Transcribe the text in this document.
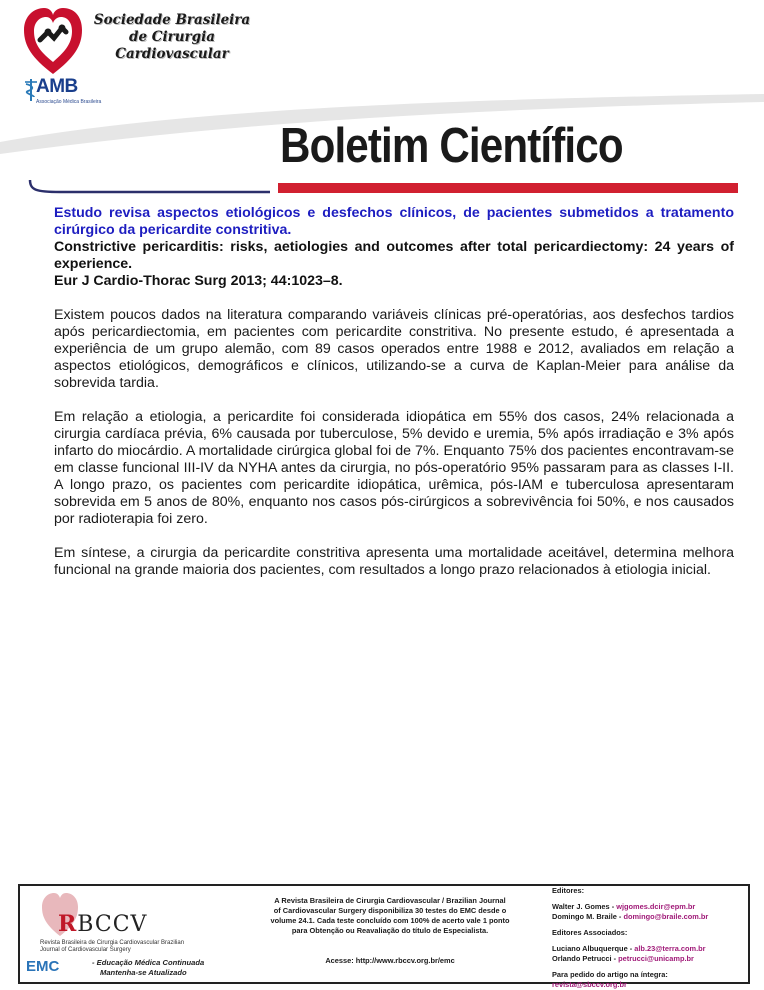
Sociedade Brasileira
de Cirurgia
Cardiovascular
AMB
Associação Médica Brasileira
Boletim Científico

Estudo revisa aspectos etiológicos e desfechos clínicos, de pacientes submetidos a tratamento cirúrgico da pericardite constritiva.

Constrictive pericarditis: risks, aetiologies and outcomes after total pericardiectomy: 24 years of experience.

Eur J Cardio-Thorac Surg 2013; 44:1023–8.

Existem poucos dados na literatura comparando variáveis clínicas pré-operatórias, aos desfechos tardios após pericardiectomia, em pacientes com pericardite constritiva. No presente estudo, é apresentada a experiência de um grupo alemão, com 89 casos operados entre 1988 e 2012, avaliados em relação a aspectos etiológicos, demográficos e clínicos, utilizando-se a curva de Kaplan-Meier para análise da sobrevida tardia.

Em relação a etiologia, a pericardite foi considerada idiopática em 55% dos casos, 24% relacionada a cirurgia cardíaca prévia, 6% causada por tuberculose, 5% devido e uremia, 5% após irradiação e 3% após infarto do miocárdio. A mortalidade cirúrgica global foi de 7%. Enquanto 75% dos pacientes encontravam-se em classe funcional III-IV da NYHA antes da cirurgia, no pós-operatório 95% passaram para as classes I-II. A longo prazo, os pacientes com pericardite idiopática, urêmica, pós-IAM e tuberculosa apresentaram sobrevida em 5 anos de 80%, enquanto nos casos pós-cirúrgicos a sobrevivência foi 50%, e nos causados por radioterapia foi zero.

Em síntese, a cirurgia da pericardite constritiva apresenta uma mortalidade aceitável, determina melhora funcional na grande maioria dos pacientes, com resultados a longo prazo relacionados à etiologia inicial.

RBCCV
Revista Brasileira de Cirurgia Cardiovascular Brazilian Journal of Cardiovascular Surgery
EMC	- Educação Médica Continuada
Mantenha-se Atualizado
A Revista Brasileira de Cirurgia Cardiovascular / Brazilian Journal of Cardiovascular Surgery disponibiliza 30 testes do EMC desde o volume 24.1. Cada teste concluído com 100% de acerto vale 1 ponto para Obtenção ou Reavaliação do título de Especialista.
Acesse: http://www.rbccv.org.br/emc

Editores:

Walter J. Gomes - wjgomes.dcir@epm.br

Domingo M. Braile - domingo@braile.com.br

Editores Associados:

Luciano Albuquerque - alb.23@terra.com.br

Orlando Petrucci - petrucci@unicamp.br

Para pedido do artigo na íntegra:

revista@sbccv.org.br
